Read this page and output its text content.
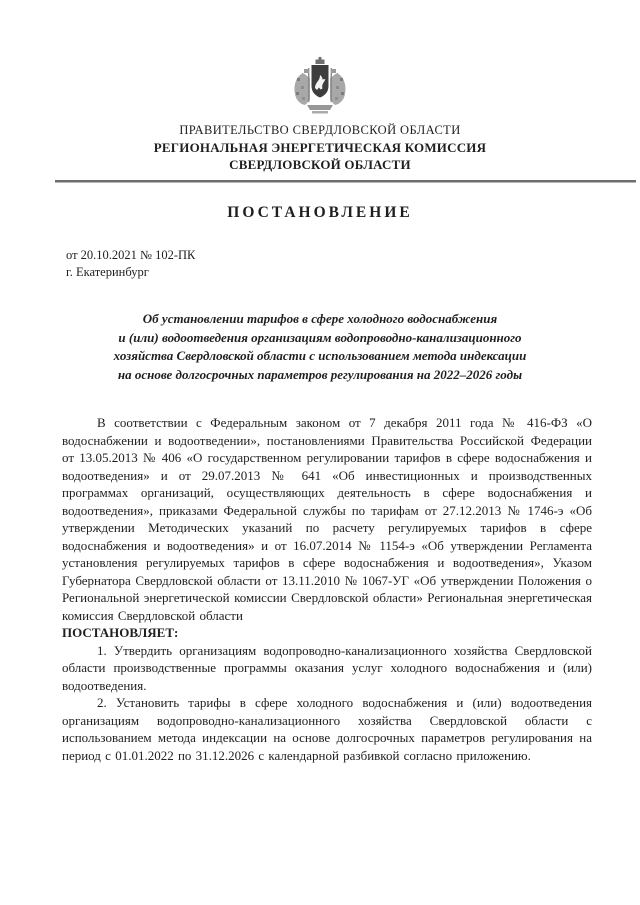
ПРАВИТЕЛЬСТВО СВЕРДЛОВСКОЙ ОБЛАСТИ
РЕГИОНАЛЬНАЯ ЭНЕРГЕТИЧЕСКАЯ КОМИССИЯ
СВЕРДЛОВСКОЙ ОБЛАСТИ
ПОСТАНОВЛЕНИЕ
от 20.10.2021 № 102-ПК
г. Екатеринбург
Об установлении тарифов в сфере холодного водоснабжения
и (или) водоотведения организациям водопроводно-канализационного
хозяйства Свердловской области с использованием метода индексации
на основе долгосрочных параметров регулирования на 2022–2026 годы

В соответствии с Федеральным законом от 7 декабря 2011 года № 416-ФЗ «О водоснабжении и водоотведении», постановлениями Правительства Российской Федерации от 13.05.2013 № 406 «О государственном регулировании тарифов в сфере водоснабжения и водоотведения» и от 29.07.2013 № 641 «Об инвестиционных и производственных программах организаций, осуществляющих деятельность в сфере водоснабжения и водоотведения», приказами Федеральной службы по тарифам от 27.12.2013 № 1746-э «Об утверждении Методических указаний по расчету регулируемых тарифов в сфере водоснабжения и водоотведения» и от 16.07.2014 № 1154-э «Об утверждении Регламента установления регулируемых тарифов в сфере водоснабжения и водоотведения», Указом Губернатора Свердловской области от 13.11.2010 № 1067-УГ «Об утверждении Положения о Региональной энергетической комиссии Свердловской области» Региональная энергетическая комиссия Свердловской области

ПОСТАНОВЛЯЕТ:

1. Утвердить организациям водопроводно-канализационного хозяйства Свердловской области производственные программы оказания услуг холодного водоснабжения и (или) водоотведения.

2. Установить тарифы в сфере холодного водоснабжения и (или) водоотведения организациям водопроводно-канализационного хозяйства Свердловской области с использованием метода индексации на основе долгосрочных параметров регулирования на период с 01.01.2022 по 31.12.2026 с календарной разбивкой согласно приложению.
